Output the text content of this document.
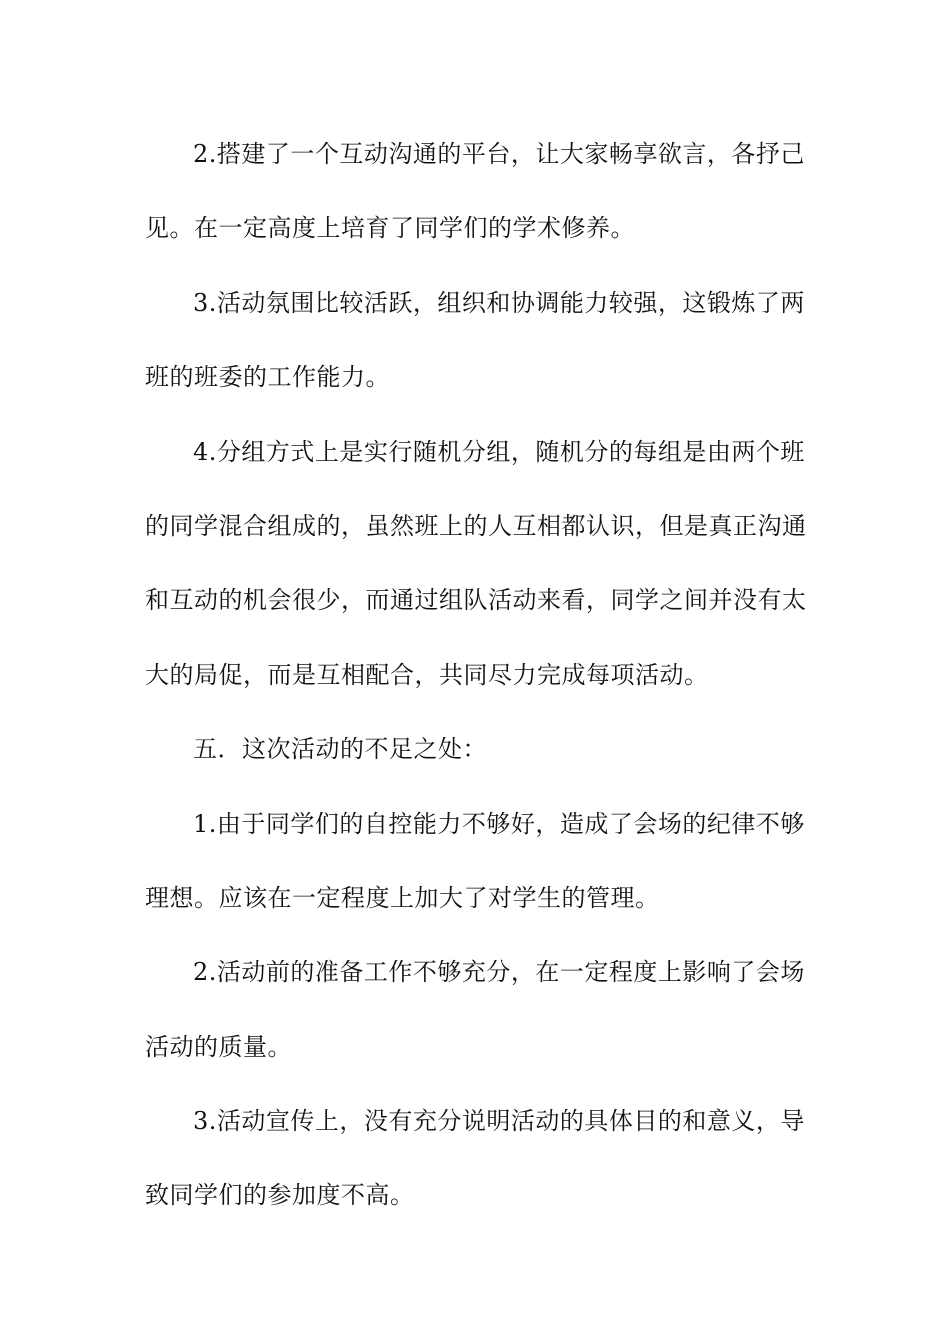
2.搭建了一个互动沟通的平台，让大家畅享欲言，各抒己
见。在一定高度上培育了同学们的学术修养。
3.活动氛围比较活跃，组织和协调能力较强，这锻炼了两
班的班委的工作能力。
4.分组方式上是实行随机分组，随机分的每组是由两个班
的同学混合组成的，虽然班上的人互相都认识，但是真正沟通
和互动的机会很少，而通过组队活动来看，同学之间并没有太
大的局促，而是互相配合，共同尽力完成每项活动。
五．这次活动的不足之处：
1.由于同学们的自控能力不够好，造成了会场的纪律不够
理想。应该在一定程度上加大了对学生的管理。
2.活动前的准备工作不够充分，在一定程度上影响了会场
活动的质量。
3.活动宣传上，没有充分说明活动的具体目的和意义，导
致同学们的参加度不高。
